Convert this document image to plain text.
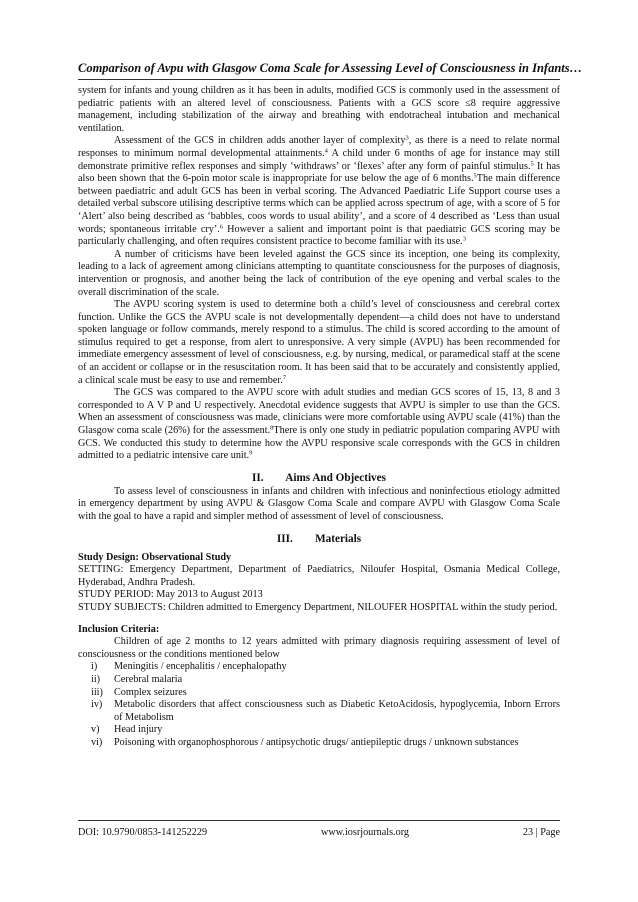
Comparison of Avpu with Glasgow Coma Scale for Assessing Level of Consciousness in Infants…

system for infants and young children as it has been in adults, modified GCS is commonly used in the assessment of pediatric patients with an altered level of consciousness. Patients with a GCS score ≤8 require aggressive management, including stabilization of the airway and breathing with endotracheal intubation and mechanical ventilation.

Assessment of the GCS in children adds another layer of complexity$^3$, as there is a need to relate normal responses to minimum normal developmental attainments.$^4$ A child under 6 months of age for instance may still demonstrate primitive reflex responses and simply ‘withdraws’ or ‘flexes’ after any form of painful stimulus.$^5$ It has also been shown that the 6-poin motor scale is inappropriate for use below the age of 6 months.$^5$The main difference between paediatric and adult GCS has been in verbal scoring. The Advanced Paediatric Life Support course uses a detailed verbal subscore utilising descriptive terms which can be applied across spectrum of age, with a score of 5 for ‘Alert’ also being described as ‘babbles, coos words to usual ability’, and a score of 4 described as ‘Less than usual words; spontaneous irritable cry’.$^6$ However a salient and important point is that paediatric GCS scoring may be particularly challenging, and often requires consistent practice to become familiar with its use.$^3$

A number of criticisms have been leveled against the GCS since its inception, one being its complexity, leading to a lack of agreement among clinicians attempting to quantitate consciousness for the purposes of diagnosis, intervention or prognosis, and another being the lack of contribution of the eye opening and verbal scales to the overall discrimination of the scale.

The AVPU scoring system is used to determine both a child’s level of consciousness and cerebral cortex function. Unlike the GCS the AVPU scale is not developmentally dependent—a child does not have to understand spoken language or follow commands, merely respond to a stimulus. The child is scored according to the amount of stimulus required to get a response, from alert to unresponsive. A very simple (AVPU) has been recommended for immediate emergency assessment of level of consciousness, e.g. by nursing, medical, or paramedical staff at the scene of an accident or collapse or in the resuscitation room. It has been said that to be accurately and consistently applied, a clinical scale must be easy to use and remember.$^7$

The GCS was compared to the AVPU score with adult studies and median GCS scores of 15, 13, 8 and 3 corresponded to A V P and U respectively. Anecdotal evidence suggests that AVPU is simpler to use than the GCS. When an assessment of consciousness was made, clinicians were more comfortable using AVPU scale (41%) than the Glasgow coma scale (26%) for the assessment.$^8$There is only one study in pediatric population comparing AVPU with GCS. We conducted this study to determine how the AVPU responsive scale corresponds with the GCS in children admitted to a pediatric intensive care unit.$^9$

II.        Aims And Objectives

To assess level of consciousness in infants and children with infectious and noninfectious etiology admitted in emergency department by using AVPU & Glasgow Coma Scale and compare AVPU with Glasgow Coma Scale with the goal to have a rapid and simpler method of assessment of level of consciousness.

III.        Materials

Study Design: Observational Study

SETTING: Emergency Department, Department of Paediatrics, Niloufer Hospital, Osmania Medical College, Hyderabad, Andhra Pradesh.

STUDY PERIOD: May 2013 to August 2013

STUDY SUBJECTS: Children admitted to Emergency Department, NILOUFER HOSPITAL within the study period.

Inclusion Criteria:

Children of age 2 months to 12 years admitted with primary diagnosis requiring assessment of level of consciousness or the conditions mentioned below

i) Meningitis / encephalitis / encephalopathy
ii) Cerebral malaria
iii) Complex seizures
iv) Metabolic disorders that affect consciousness such as Diabetic KetoAcidosis, hypoglycemia, Inborn Errors of Metabolism
v) Head injury
vi) Poisoning with organophosphorous / antipsychotic drugs/ antiepileptic drugs / unknown substances
DOI: 10.9790/0853-141252229	www.iosrjournals.org	23 | Page
